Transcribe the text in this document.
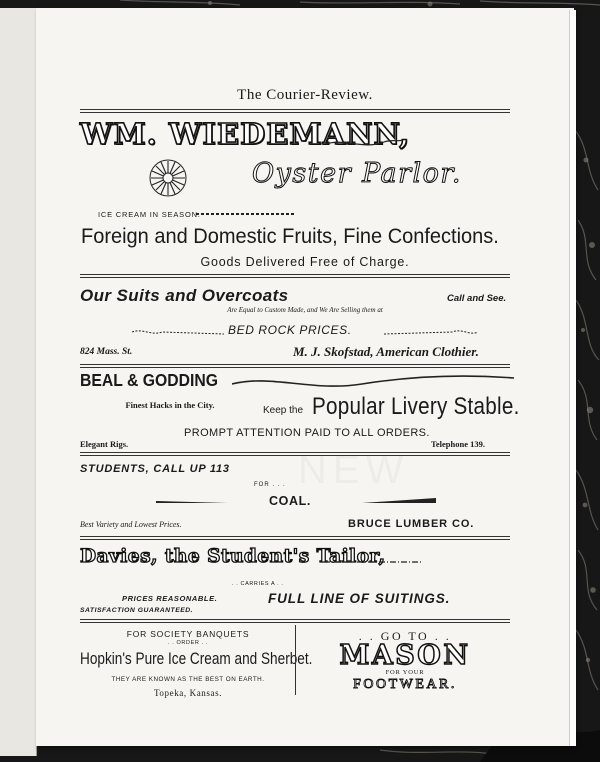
The Courier-Review.
WM. WIEDEMANN,
Oyster Parlor.
ICE CREAM IN SEASON.
Foreign and Domestic Fruits, Fine Confections.
Goods Delivered Free of Charge.
Our Suits and Overcoats	Call and See.
Are Equal to Custom Made, and We Are Selling them at
BED ROCK PRICES.
824 Mass. St.	M. J. Skofstad, American Clothier.
BEAL & GODDING
Finest Hacks in the City.	Keep the Popular Livery Stable.
Elegant Rigs.
PROMPT ATTENTION PAID TO ALL ORDERS.
Telephone 139.
STUDENTS, CALL UP 113
FOR . . .
COAL.
Best Variety and Lowest Prices.	BRUCE LUMBER CO.
Davies, the Student's Tailor,
. . CARRIES A . .
PRICES REASONABLE.	FULL LINE OF SUITINGS.
SATISFACTION GUARANTEED.
FOR SOCIETY BANQUETS
. . ORDER . .
Hopkin's Pure Ice Cream and Sherbet.
THEY ARE KNOWN AS THE BEST ON EARTH.
Topeka, Kansas.
. . GO TO . .
MASON
FOR YOUR
FOOTWEAR.
